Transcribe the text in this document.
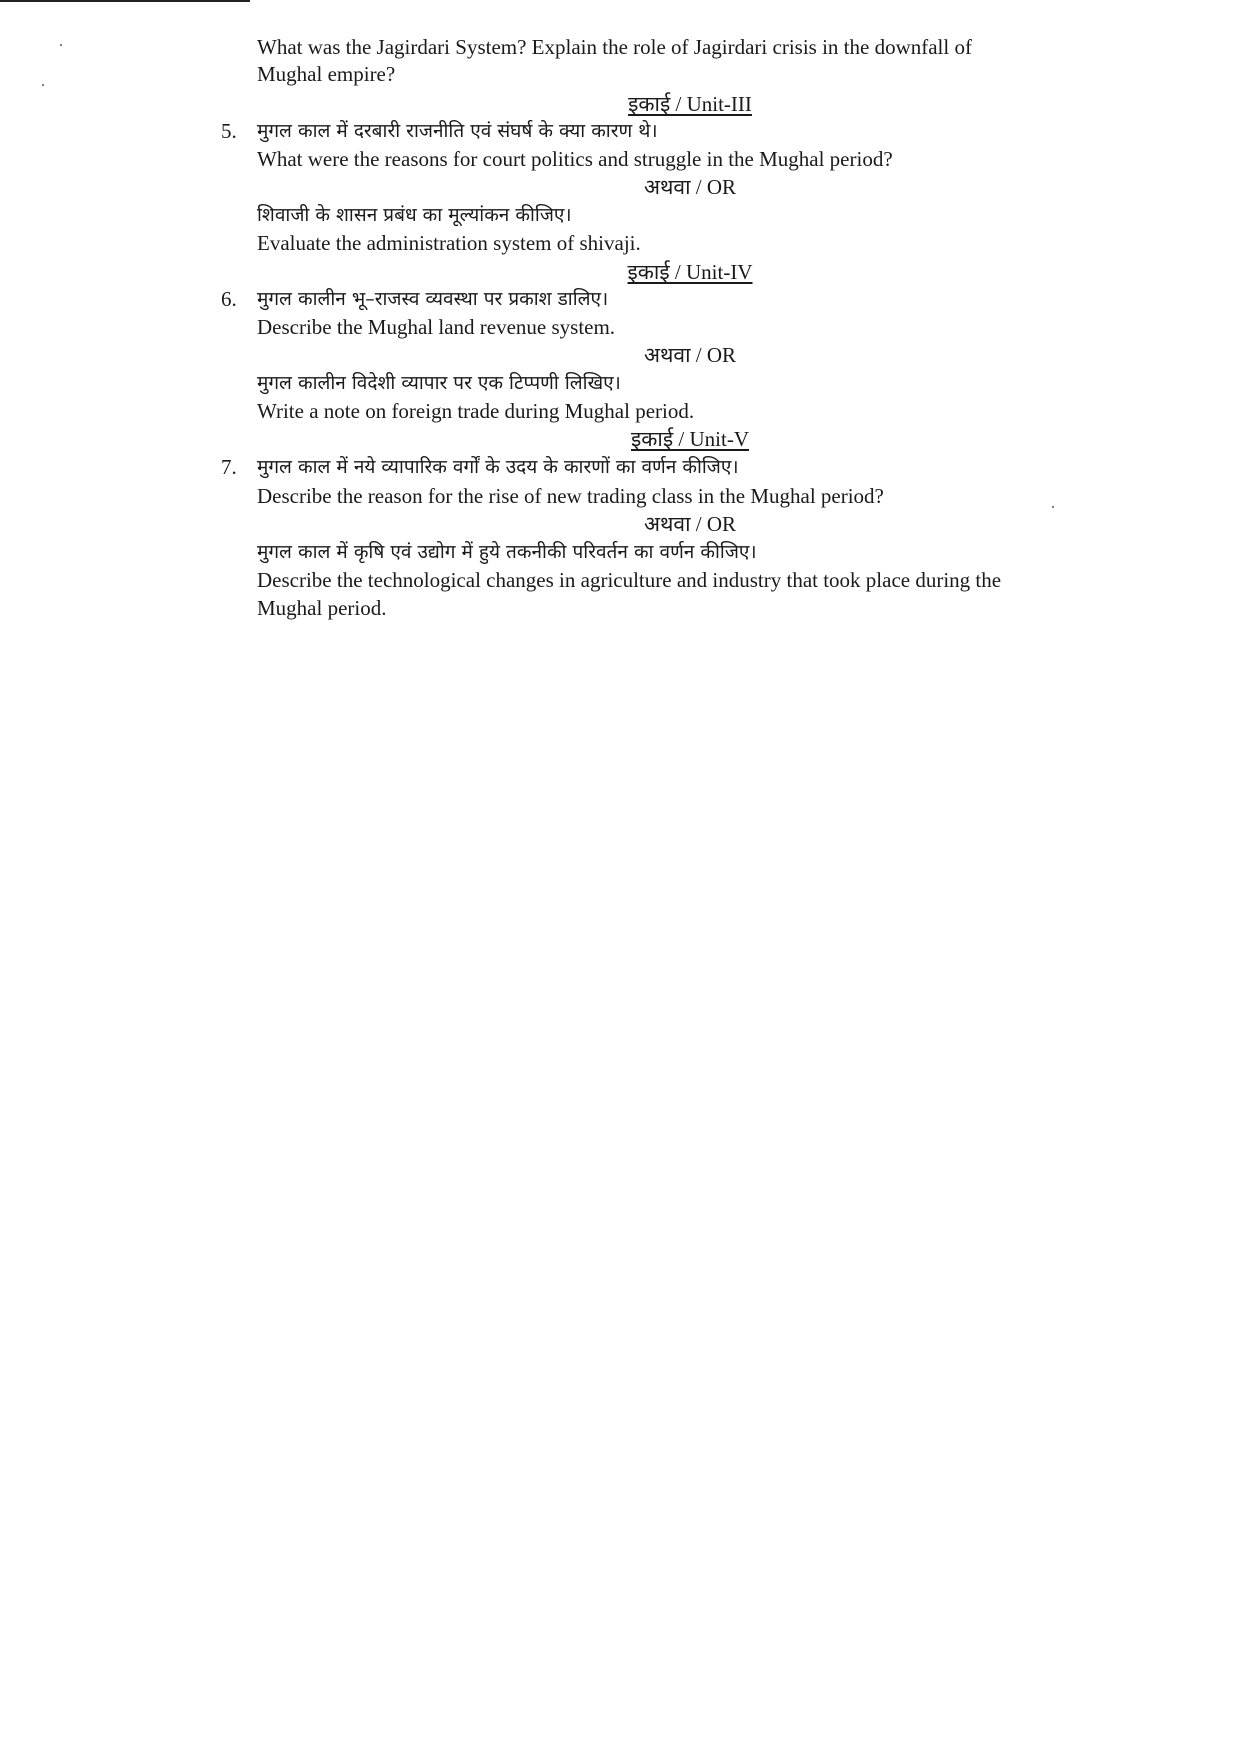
What was the Jagirdari System? Explain the role of Jagirdari crisis in the downfall of
Mughal empire?
इकाई / Unit-III
5. मुगल काल में दरबारी राजनीति एवं संघर्ष के क्या कारण थे।
What were the reasons for court politics and struggle in the Mughal period?
अथवा / OR
शिवाजी के शासन प्रबंध का मूल्यांकन कीजिए।
Evaluate the administration system of shivaji.
इकाई / Unit-IV
6. मुगल कालीन भू–राजस्व व्यवस्था पर प्रकाश डालिए।
Describe the Mughal land revenue system.
अथवा / OR
मुगल कालीन विदेशी व्यापार पर एक टिप्पणी लिखिए।
Write a note on foreign trade during Mughal period.
इकाई / Unit-V
7. मुगल काल में नये व्यापारिक वर्गों के उदय के कारणों का वर्णन कीजिए।
Describe the reason for the rise of new trading class in the Mughal period?
अथवा / OR
मुगल काल में कृषि एवं उद्योग में हुये तकनीकी परिवर्तन का वर्णन कीजिए।
Describe the technological changes in agriculture and industry that took place during the
Mughal period.
